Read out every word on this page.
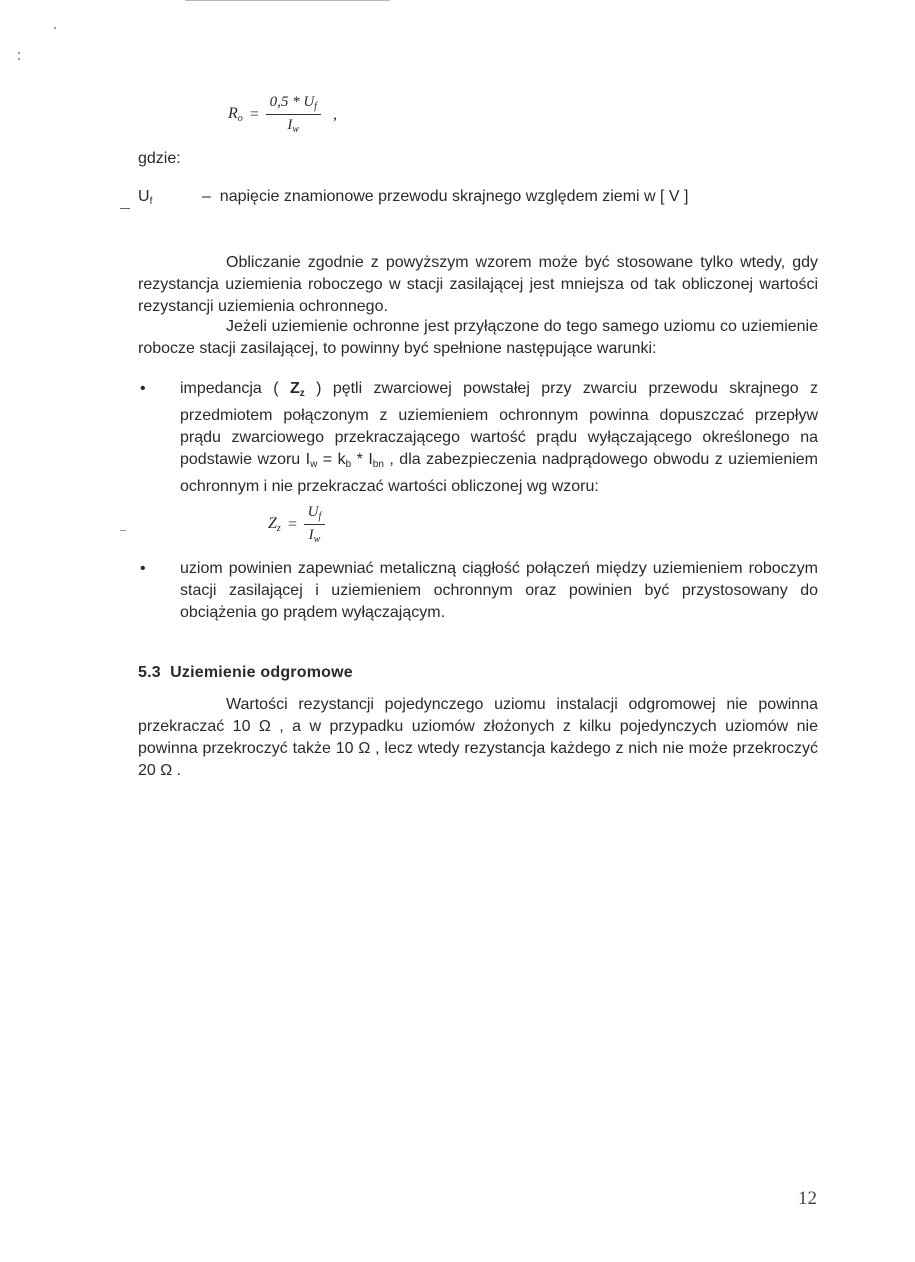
$R_o = \frac{0,5 * U_f}{I_w}$ ,
gdzie:
$U_f$	– napięcie znamionowe przewodu skrajnego względem ziemi w [ V ]
Obliczanie zgodnie z powyższym wzorem może być stosowane tylko wtedy, gdy rezystancja uziemienia roboczego w stacji zasilającej jest mniejsza od tak obliczonej wartości rezystancji uziemienia ochronnego.
Jeżeli uziemienie ochronne jest przyłączone do tego samego uziomu co uziemienie robocze stacji zasilającej, to powinny być spełnione następujące warunki:
• impedancja ( $Z_z$ ) pętli zwarciowej powstałej przy zwarciu przewodu skrajnego z przedmiotem połączonym z uziemieniem ochronnym powinna dopuszczać przepływ prądu zwarciowego przekraczającego wartość prądu wyłączającego określonego na podstawie wzoru $I_w = k_b * I_{bn}$ , dla zabezpieczenia nadprądowego obwodu z uziemieniem ochronnym i nie przekraczać wartości obliczonej wg wzoru:
$Z_z = \frac{U_f}{I_w}$
• uziom powinien zapewniać metaliczną ciągłość połączeń między uziemieniem roboczym stacji zasilającej i uziemieniem ochronnym oraz powinien być przystosowany do obciążenia go prądem wyłączającym.
5.3 Uziemienie odgromowe
Wartości rezystancji pojedynczego uziomu instalacji odgromowej nie powinna przekraczać 10 Ω , a w przypadku uziomów złożonych z kilku pojedynczych uziomów nie powinna przekroczyć także 10 Ω , lecz wtedy rezystancja każdego z nich nie może przekroczyć 20 Ω .
12
